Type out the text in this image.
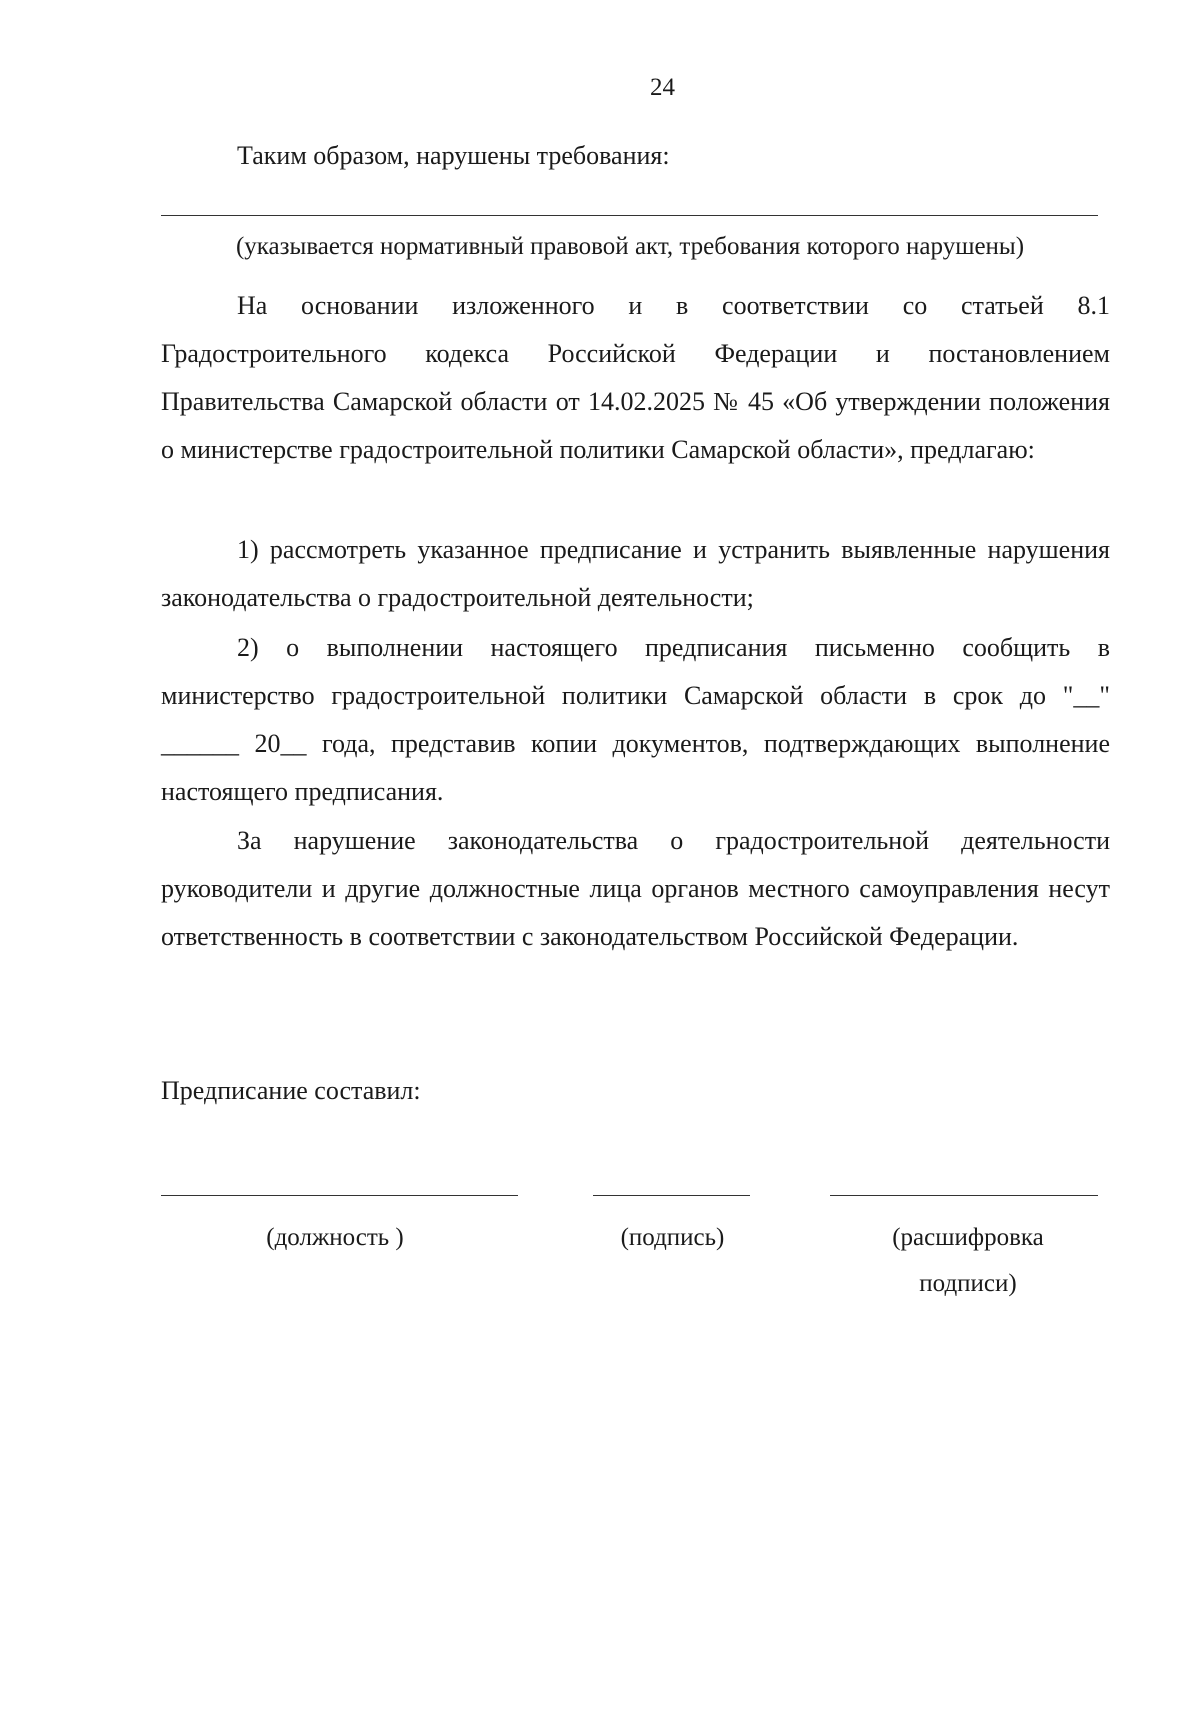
24
Таким образом, нарушены требования:
(указывается нормативный правовой акт, требования которого нарушены)
На основании изложенного и в соответствии со статьей 8.1 Градостроительного кодекса Российской Федерации и постановлением Правительства Самарской области от 14.02.2025 № 45 «Об утверждении положения о министерстве градостроительной политики Самарской области», предлагаю:
1) рассмотреть указанное предписание и устранить выявленные нарушения законодательства о градостроительной деятельности;
2) о выполнении настоящего предписания письменно сообщить в министерство градостроительной политики Самарской области в срок до "__" ______ 20__ года, представив копии документов, подтверждающих выполнение настоящего предписания.
За нарушение законодательства о градостроительной деятельности руководители и другие должностные лица органов местного самоуправления несут ответственность в соответствии с законодательством Российской Федерации.
Предписание составил:
(должность )	(подпись)	(расшифровка подписи)
